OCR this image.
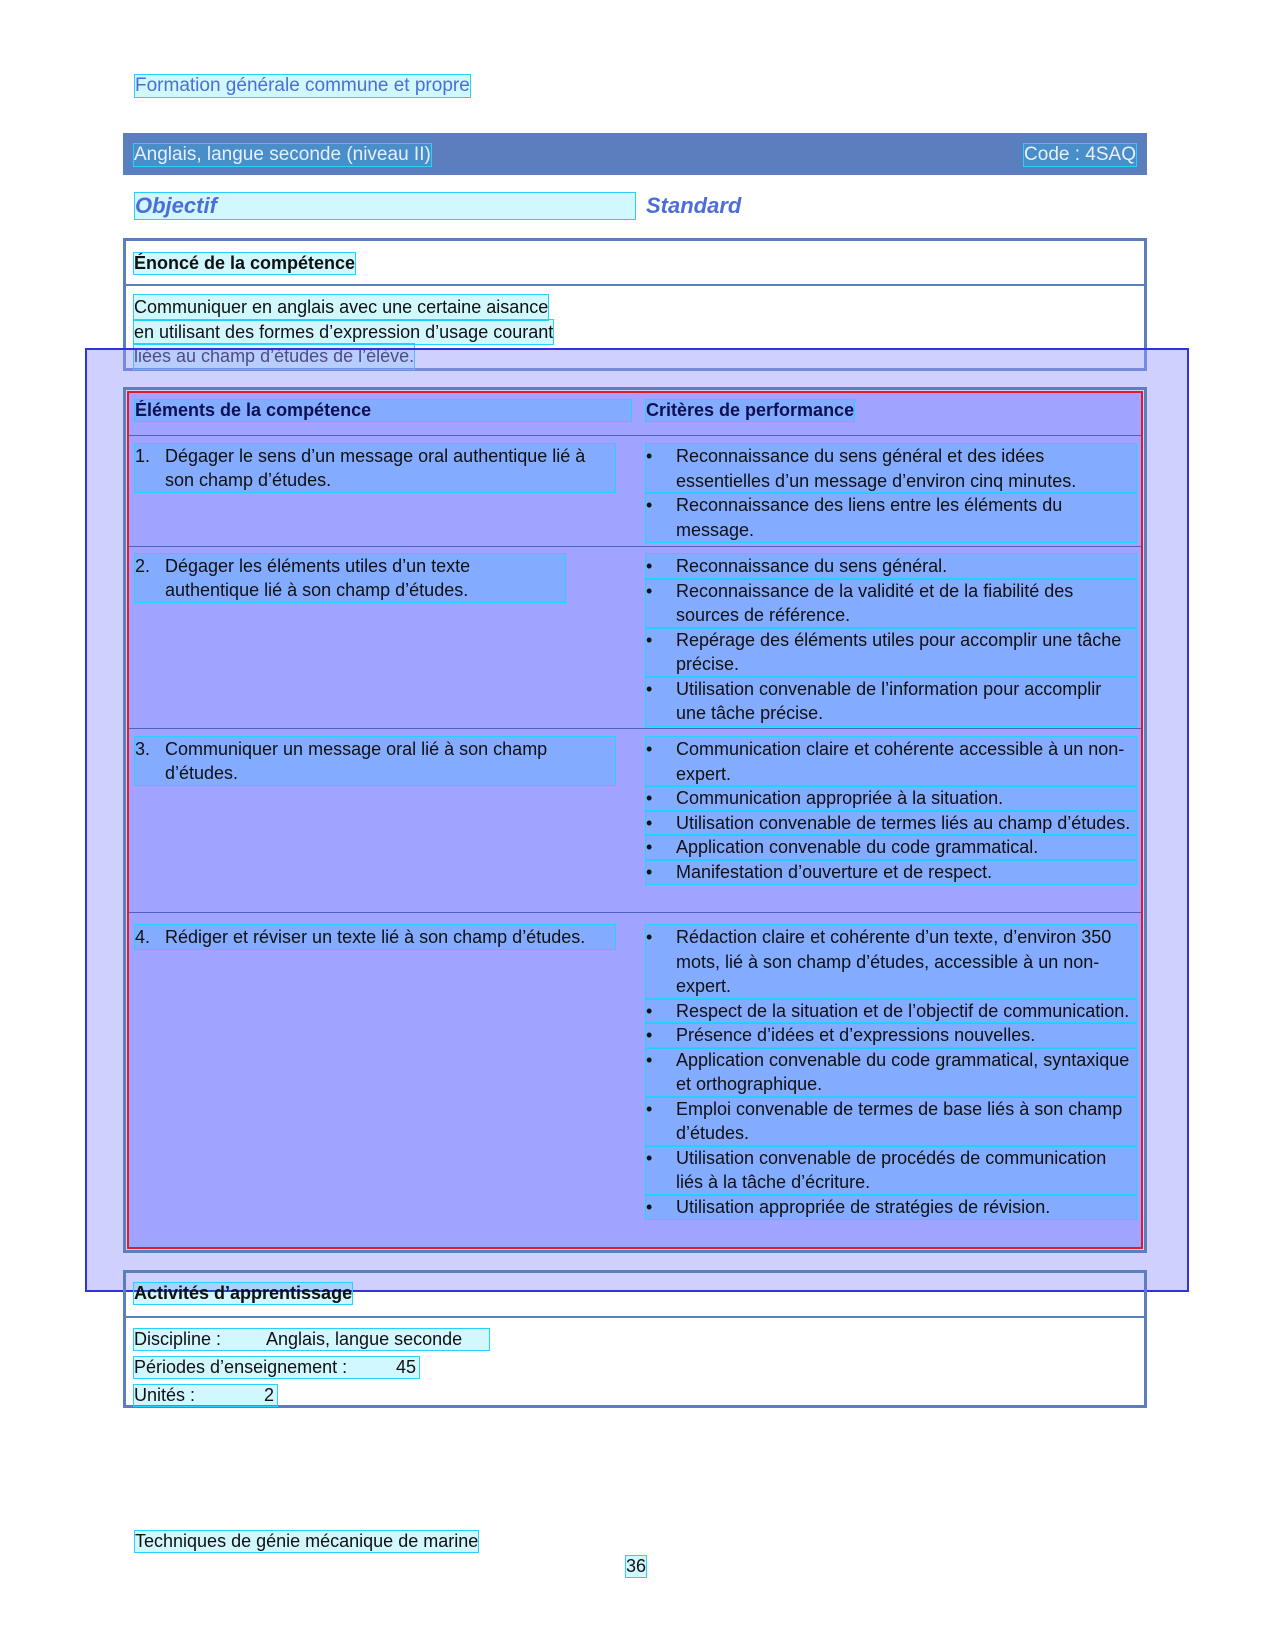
Formation générale commune et propre
Anglais, langue seconde (niveau II)	Code : 4SAQ
Objectif	Standard
Énoncé de la compétence
Communiquer en anglais avec une certaine aisance
en utilisant des formes d’expression d’usage courant
liées au champ d’études de l’élève.
Éléments de la compétence	Critères de performance
1. Dégager le sens d’un message oral authentique lié à son champ d’études.
• Reconnaissance du sens général et des idées essentielles d’un message d’environ cinq minutes.
• Reconnaissance des liens entre les éléments du message.
2. Dégager les éléments utiles d’un texte authentique lié à son champ d’études.
• Reconnaissance du sens général.
• Reconnaissance de la validité et de la fiabilité des sources de référence.
• Repérage des éléments utiles pour accomplir une tâche précise.
• Utilisation convenable de l’information pour accomplir une tâche précise.
3. Communiquer un message oral lié à son champ d’études.
• Communication claire et cohérente accessible à un non-expert.
• Communication appropriée à la situation.
• Utilisation convenable de termes liés au champ d’études.
• Application convenable du code grammatical.
• Manifestation d’ouverture et de respect.
4. Rédiger et réviser un texte lié à son champ d’études.	• Rédaction claire et cohérente d’un texte, d’environ 350 mots, lié à son champ d’études, accessible à un non-expert.
• Respect de la situation et de l’objectif de communication.
• Présence d’idées et d’expressions nouvelles.
• Application convenable du code grammatical, syntaxique et orthographique.
• Emploi convenable de termes de base liés à son champ d’études.
• Utilisation convenable de procédés de communication liés à la tâche d’écriture.
• Utilisation appropriée de stratégies de révision.
Activités d’apprentissage
Discipline : Anglais, langue seconde
Périodes d’enseignement :	45
Unités :	2
Techniques de génie mécanique de marine
36
